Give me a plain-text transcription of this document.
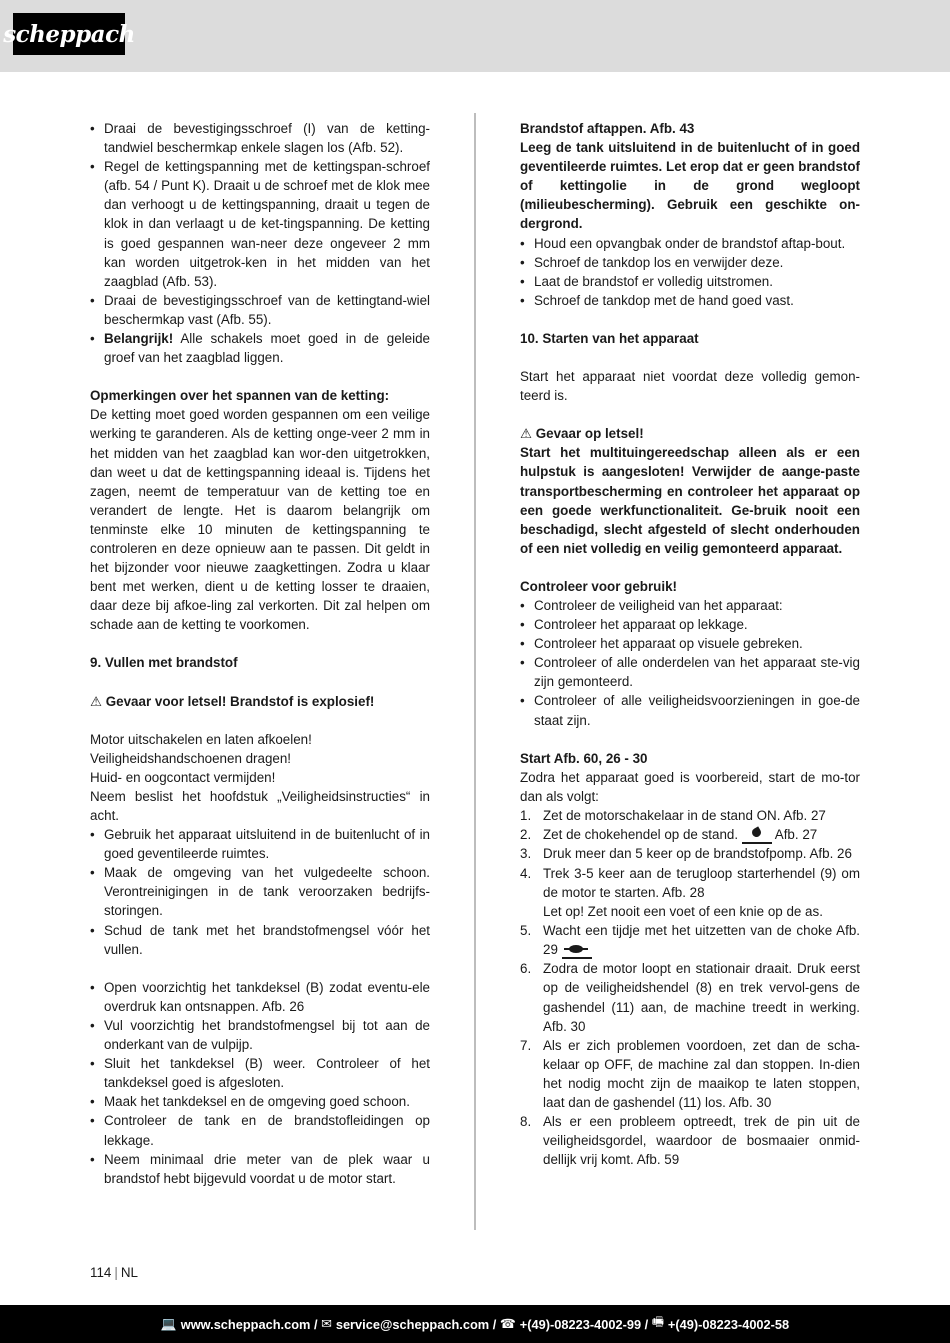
scheppach
• Draai de bevestigingsschroef (I) van de ketting-tandwiel beschermkap enkele slagen los (Afb. 52).
• Regel de kettingspanning met de kettingspan-schroef (afb. 54 / Punt K). Draait u de schroef met de klok mee dan verhoogt u de kettingspanning, draait u tegen de klok in dan verlaagt u de ket-tingspanning. De ketting is goed gespannen wan-neer deze ongeveer 2 mm kan worden uitgetrok-ken in het midden van het zaagblad (Afb. 53).
• Draai de bevestigingsschroef van de kettingtand-wiel beschermkap vast (Afb. 55).
• Belangrijk! Alle schakels moet goed in de geleide groef van het zaagblad liggen.

Opmerkingen over het spannen van de ketting:

De ketting moet goed worden gespannen om een veilige werking te garanderen. Als de ketting onge-veer 2 mm in het midden van het zaagblad kan wor-den uitgetrokken, dan weet u dat de kettingspanning ideaal is. Tijdens het zagen, neemt de temperatuur van de ketting toe en verandert de lengte. Het is daarom belangrijk om tenminste elke 10 minuten de kettingspanning te controleren en deze opnieuw aan te passen. Dit geldt in het bijzonder voor nieuwe zaagkettingen. Zodra u klaar bent met werken, dient u de ketting losser te draaien, daar deze bij afkoe-ling zal verkorten. Dit zal helpen om schade aan de ketting te voorkomen.

9. Vullen met brandstof

⚠ Gevaar voor letsel! Brandstof is explosief!

Motor uitschakelen en laten afkoelen!

Veiligheidshandschoenen dragen!

Huid- en oogcontact vermijden!

Neem beslist het hoofdstuk „Veiligheidsinstructies“ in acht.

• Gebruik het apparaat uitsluitend in de buitenlucht of in goed geventileerde ruimtes.
• Maak de omgeving van het vulgedeelte schoon. Verontreinigingen in de tank veroorzaken bedrijfs-storingen.
• Schud de tank met het brandstofmengsel vóór het vullen.
• Open voorzichtig het tankdeksel (B) zodat eventu-ele overdruk kan ontsnappen. Afb. 26
• Vul voorzichtig het brandstofmengsel bij tot aan de onderkant van de vulpijp.
• Sluit het tankdeksel (B) weer. Controleer of het tankdeksel goed is afgesloten.
• Maak het tankdeksel en de omgeving goed schoon.
• Controleer de tank en de brandstofleidingen op lekkage.
• Neem minimaal drie meter van de plek waar u brandstof hebt bijgevuld voordat u de motor start.

Brandstof aftappen. Afb. 43

Leeg de tank uitsluitend in de buitenlucht of in goed geventileerde ruimtes. Let erop dat er geen brandstof of kettingolie in de grond wegloopt (milieubescherming). Gebruik een geschikte on-dergrond.

• Houd een opvangbak onder de brandstof aftap-bout.
• Schroef de tankdop los en verwijder deze.
• Laat de brandstof er volledig uitstromen.
• Schroef de tankdop met de hand goed vast.

10. Starten van het apparaat

Start het apparaat niet voordat deze volledig gemon-teerd is.

⚠ Gevaar op letsel!

Start het multituingereedschap alleen als er een hulpstuk is aangesloten! Verwijder de aange-paste transportbescherming en controleer het apparaat op een goede werkfunctionaliteit. Ge-bruik nooit een beschadigd, slecht afgesteld of slecht onderhouden of een niet volledig en veilig gemonteerd apparaat.

Controleer voor gebruik!

• Controleer de veiligheid van het apparaat:
• Controleer het apparaat op lekkage.
• Controleer het apparaat op visuele gebreken.
• Controleer of alle onderdelen van het apparaat ste-vig zijn gemonteerd.
• Controleer of alle veiligheidsvoorzieningen in goe-de staat zijn.

Start Afb. 60, 26 - 30

Zodra het apparaat goed is voorbereid, start de mo-tor dan als volgt:

1. Zet de motorschakelaar in de stand ON. Afb. 27
2. Zet de chokehendel op de stand.	Afb. 27
3. Druk meer dan 5 keer op de brandstofpomp. Afb. 26
4. Trek 3-5 keer aan de terugloop starterhendel (9) om de motor te starten. Afb. 28
Let op! Zet nooit een voet of een knie op de as.
5. Wacht een tijdje met het uitzetten van de choke Afb. 29
6. Zodra de motor loopt en stationair draait. Druk eerst op de veiligheidshendel (8) en trek vervol-gens de gashendel (11) aan, de machine treedt in werking. Afb. 30
7. Als er zich problemen voordoen, zet dan de scha-kelaar op OFF, de machine zal dan stoppen. In-dien het nodig mocht zijn de maaikop te laten stoppen, laat dan de gashendel (11) los. Afb. 30
8. Als er een probleem optreedt, trek de pin uit de veiligheidsgordel, waardoor de bosmaaier onmid-dellijk vrij komt. Afb. 59
114 | NL
💻 www.scheppach.com /
✉ service@scheppach.com /
☎ +(49)-08223-4002-99 /
🖷 +(49)-08223-4002-58
